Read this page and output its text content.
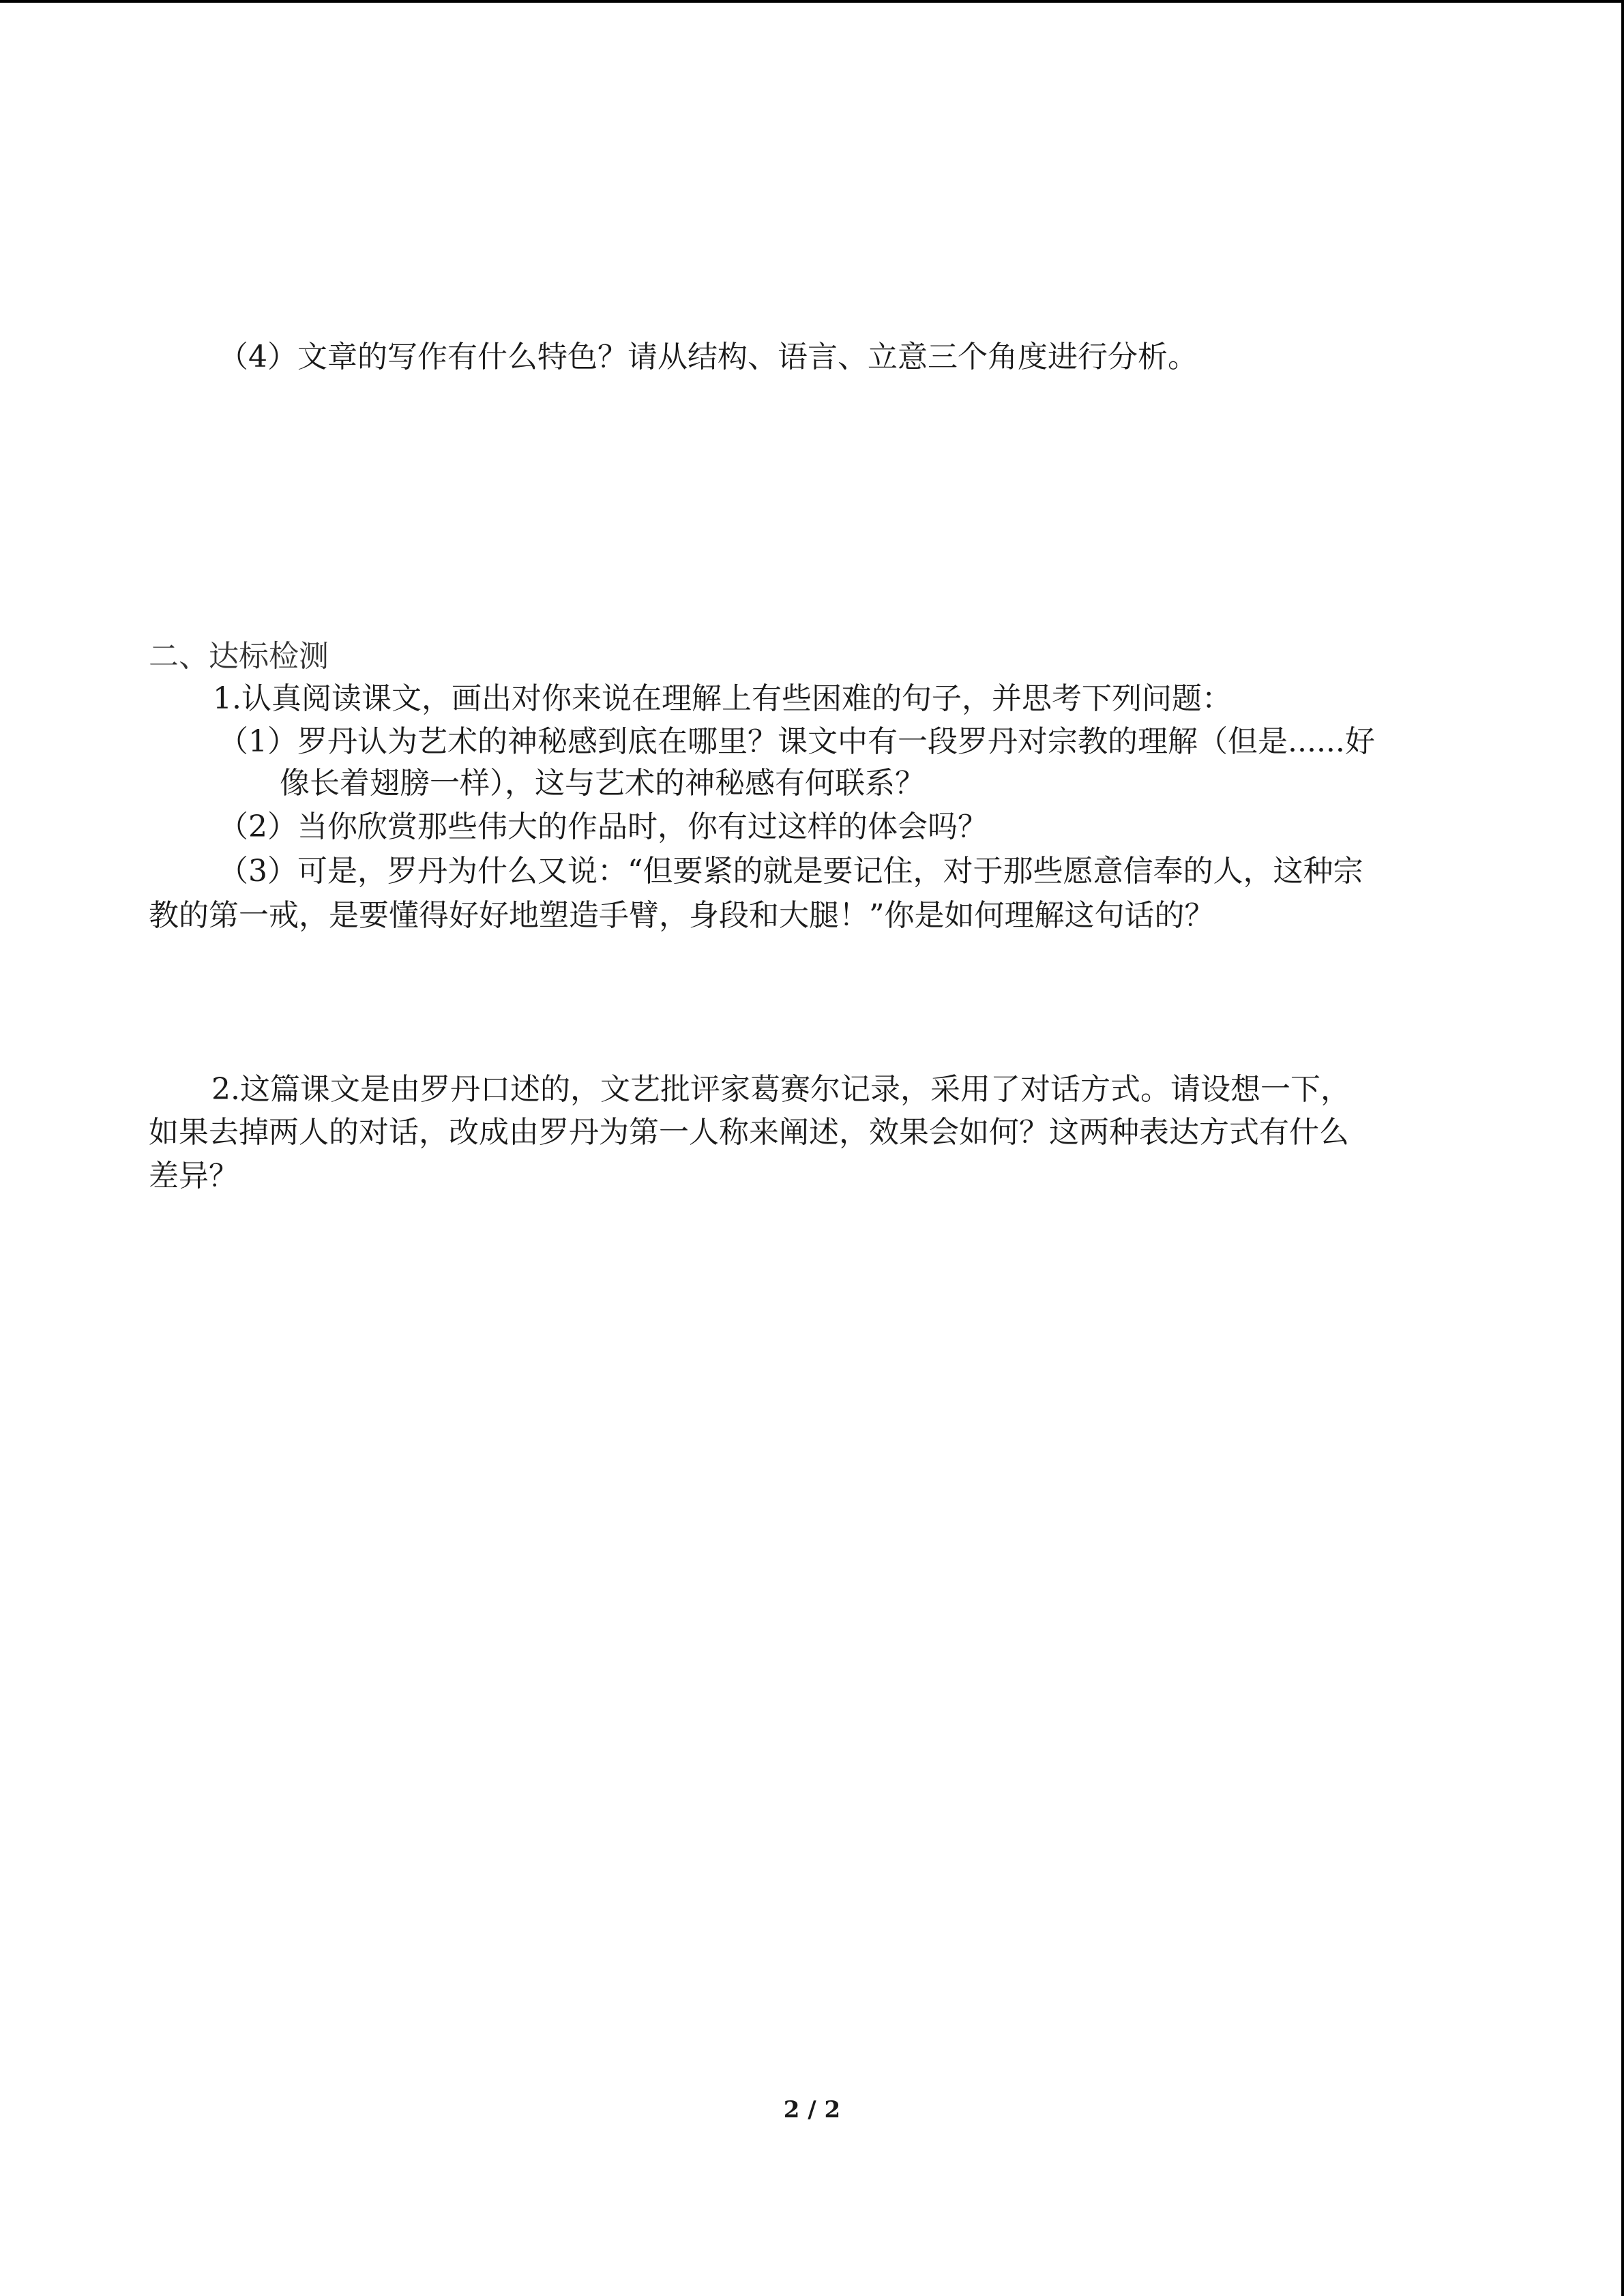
（4）文章的写作有什么特色？请从结构、语言、立意三个角度进行分析。

二、达标检测

1.认真阅读课文，画出对你来说在理解上有些困难的句子，并思考下列问题：

（1）罗丹认为艺术的神秘感到底在哪里？课文中有一段罗丹对宗教的理解（但是......好

像长着翅膀一样），这与艺术的神秘感有何联系？

（2）当你欣赏那些伟大的作品时，你有过这样的体会吗？

（3）可是，罗丹为什么又说：“但要紧的就是要记住，对于那些愿意信奉的人，这种宗

教的第一戒，是要懂得好好地塑造手臂，身段和大腿！”你是如何理解这句话的？

2.这篇课文是由罗丹口述的，文艺批评家葛赛尔记录，采用了对话方式。请设想一下，

如果去掉两人的对话，改成由罗丹为第一人称来阐述，效果会如何？这两种表达方式有什么

差异？

2 / 2
